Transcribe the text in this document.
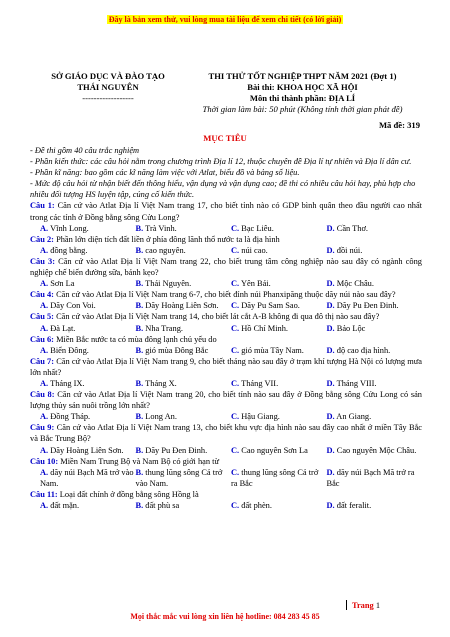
Đây là bản xem thử, vui lòng mua tài liệu để xem chi tiết (có lời giải)
SỞ GIÁO DỤC VÀ ĐÀO TẠO
THÁI NGUYÊN
------------------
THI THỬ TỐT NGHIỆP THPT NĂM 2021 (Đợt 1)
Bài thi: KHOA HỌC XÃ HỘI
Môn thi thành phần: ĐỊA LÍ
Thời gian làm bài: 50 phút (Không tính thời gian phát đề)
Mã đề: 319
MỤC TIÊU

- Đề thi gồm 40 câu trắc nghiệm

- Phần kiến thức: các câu hỏi nằm trong chương trình Địa lí 12, thuộc chuyên đề Địa lí tự nhiên và Địa lí dân cư.

- Phần kĩ năng: bao gồm các kĩ năng làm việc với Atlat, biểu đồ và bảng số liệu.

- Mức độ câu hỏi từ nhận biết đến thông hiểu, vận dụng và vận dụng cao; đề thi có nhiều câu hỏi hay, phù hợp cho nhiều đối tượng HS luyện tập, củng cố kiến thức.

Câu 1: Căn cứ vào Atlat Địa lí Việt Nam trang 17, cho biết tỉnh nào có GDP bình quân theo đầu người cao nhất trong các tỉnh ở Đồng bằng sông Cửu Long?

A. Vĩnh Long.	B. Trà Vinh.	C. Bạc Liêu.	D. Cần Thơ.

Câu 2: Phần lớn diện tích đất liền ở phía đông lãnh thổ nước ta là địa hình

A. đồng bằng.	B. cao nguyên.	C. núi cao.	D. đồi núi.

Câu 3: Căn cứ vào Atlat Địa lí Việt Nam trang 22, cho biết trung tâm công nghiệp nào sau đây có ngành công nghiệp chế biến đường sữa, bánh kẹo?

A. Sơn La	B. Thái Nguyên.	C. Yên Bái.	D. Mộc Châu.

Câu 4: Căn cứ vào Atlat Địa lí Việt Nam trang 6-7, cho biết đỉnh núi Phanxipăng thuộc dãy núi nào sau đây?

A. Dãy Con Voi.	B. Dãy Hoàng Liên Sơn.	C. Dãy Pu Sam Sao.	D. Dãy Pu Đen Đinh.

Câu 5: Căn cứ vào Atlat Địa lí Việt Nam trang 14, cho biết lát cắt A-B không đi qua đô thị nào sau đây?

A. Đà Lạt.	B. Nha Trang.	C. Hồ Chí Minh.	D. Bảo Lộc

Câu 6: Miền Bắc nước ta có mùa đông lạnh chủ yếu do

A. Biển Đông.	B. gió mùa Đông Bắc	C. gió mùa Tây Nam.	D. độ cao địa hình.

Câu 7: Căn cứ vào Atlat Địa lí Việt Nam trang 9, cho biết tháng nào sau đây ở trạm khí tượng Hà Nội có lượng mưa lớn nhất?

A. Tháng IX.	B. Tháng X.	C. Tháng VII.	D. Tháng VIII.

Câu 8: Căn cứ vào Atlat Địa lí Việt Nam trang 20, cho biết tỉnh nào sau đây ở Đồng bằng sông Cửu Long có sản lượng thủy sản nuôi trồng lớn nhất?

A. Đồng Tháp.	B. Long An.	C. Hậu Giang.	D. An Giang.

Câu 9: Căn cứ vào Atlat Địa lí Việt Nam trang 13, cho biết khu vực địa hình nào sau đây cao nhất ở miền Tây Bắc và Bắc Trung Bộ?

A. Dãy Hoàng Liên Sơn.	B. Dãy Pu Đen Đinh.	C. Cao nguyên Sơn La	D. Cao nguyên Mộc Châu.

Câu 10: Miền Nam Trung Bộ và Nam Bộ có giới hạn từ

A. dãy núi Bạch Mã trở vào Nam.
B. thung lũng sông Cả trở vào Nam.
C. thung lũng sông Cả trở ra Bắc
D. dãy núi Bạch Mã trở ra Bắc

Câu 11: Loại đất chính ở đồng bằng sông Hồng là

A. đất mặn.	B. đất phù sa	C. đất phèn.	D. đất feralit.
Trang 1
Mọi thắc mắc vui lòng xin liên hệ hotline: 084 283 45 85
